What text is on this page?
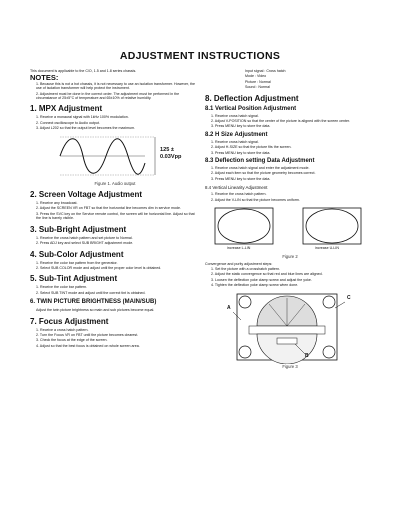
ADJUSTMENT INSTRUCTIONS

This document is applicable to the C/O, 1.5 and 1.8 series chassis.

NOTES:

1. Because this is not a hot chassis, it is not necessary to use an isolation transformer. However, the use of isolation transformer will help protect the instrument.

2. Adjustment must be done in the correct order. The adjustment must be performed in the circumstance of 25±5°C of temperature and 65±10% of relative humidity.

1. MPX Adjustment

1. Receive a monaural signal with 1kHz 100% modulation.

2. Connect oscilloscope to Audio output.

3. Adjust L202 so that the output level becomes the maximum.

125 ±
0.03Vpp
Figure 1. Audio output
2. Screen Voltage Adjustment

1. Receive any broadcast.

2. Adjust the SCREEN VR on FBT so that the horizontal line becomes dim in service mode.

3. Press the SVC key on the Service remote control, the screen will be horizontal line. Adjust so that the line is barely visible.

3. Sub-Bright Adjustment

1. Receive the cross hatch pattern and set picture to Normal.

2. Press ADJ key and select SUB BRIGHT adjustment mode.

4. Sub-Color Adjustment

1. Receive the color bar pattern from the generator.

2. Select SUB COLOR mode and adjust until the proper color level is obtained.

5. Sub-Tint Adjustment

1. Receive the color bar pattern.

2. Select SUB TINT mode and adjust until the correct tint is obtained.

6. TWIN PICTURE BRIGHTNESS (MAIN/SUB)

Adjust the twin picture brightness so main and sub pictures become equal.

7. Focus Adjustment

1. Receive a cross hatch pattern.

2. Turn the Focus VR on FBT until the picture becomes clearest.

3. Check the focus at the edge of the screen.

4. Adjust so that the best focus is obtained on whole screen area.

Input signal : Cross hatch

Mode : Video

Picture : Normal

Sound : Normal

8. Deflection Adjustment
8.1 Vertical Position Adjustment

1. Receive cross hatch signal.

2. Adjust V-POSITION so that the center of the picture is aligned with the screen center.

3. Press MENU key to store the data.

8.2 H Size Adjustment

1. Receive cross hatch signal.

2. Adjust H-SIZE so that the picture fits the screen.

3. Press MENU key to store the data.

8.3 Deflection setting Data Adjustment

1. Receive cross hatch signal and enter the adjustment mode.

2. Adjust each item so that the picture geometry becomes correct.

3. Press MENU key to store the data.

8.4 Vertical Linearity Adjustment

1. Receive the cross hatch pattern.

2. Adjust the V-LIN so that the picture becomes uniform.

increase L-LIN	increase U-LIN
Figure 2

Convergence and purity adjustment steps:

1. Set the picture with a crosshatch pattern.

2. Adjust the static convergence so that red and blue lines are aligned.

3. Loosen the deflection yoke clamp screw and adjust the yoke.

4. Tighten the deflection yoke clamp screw when done.

A
B
C
Figure 3
